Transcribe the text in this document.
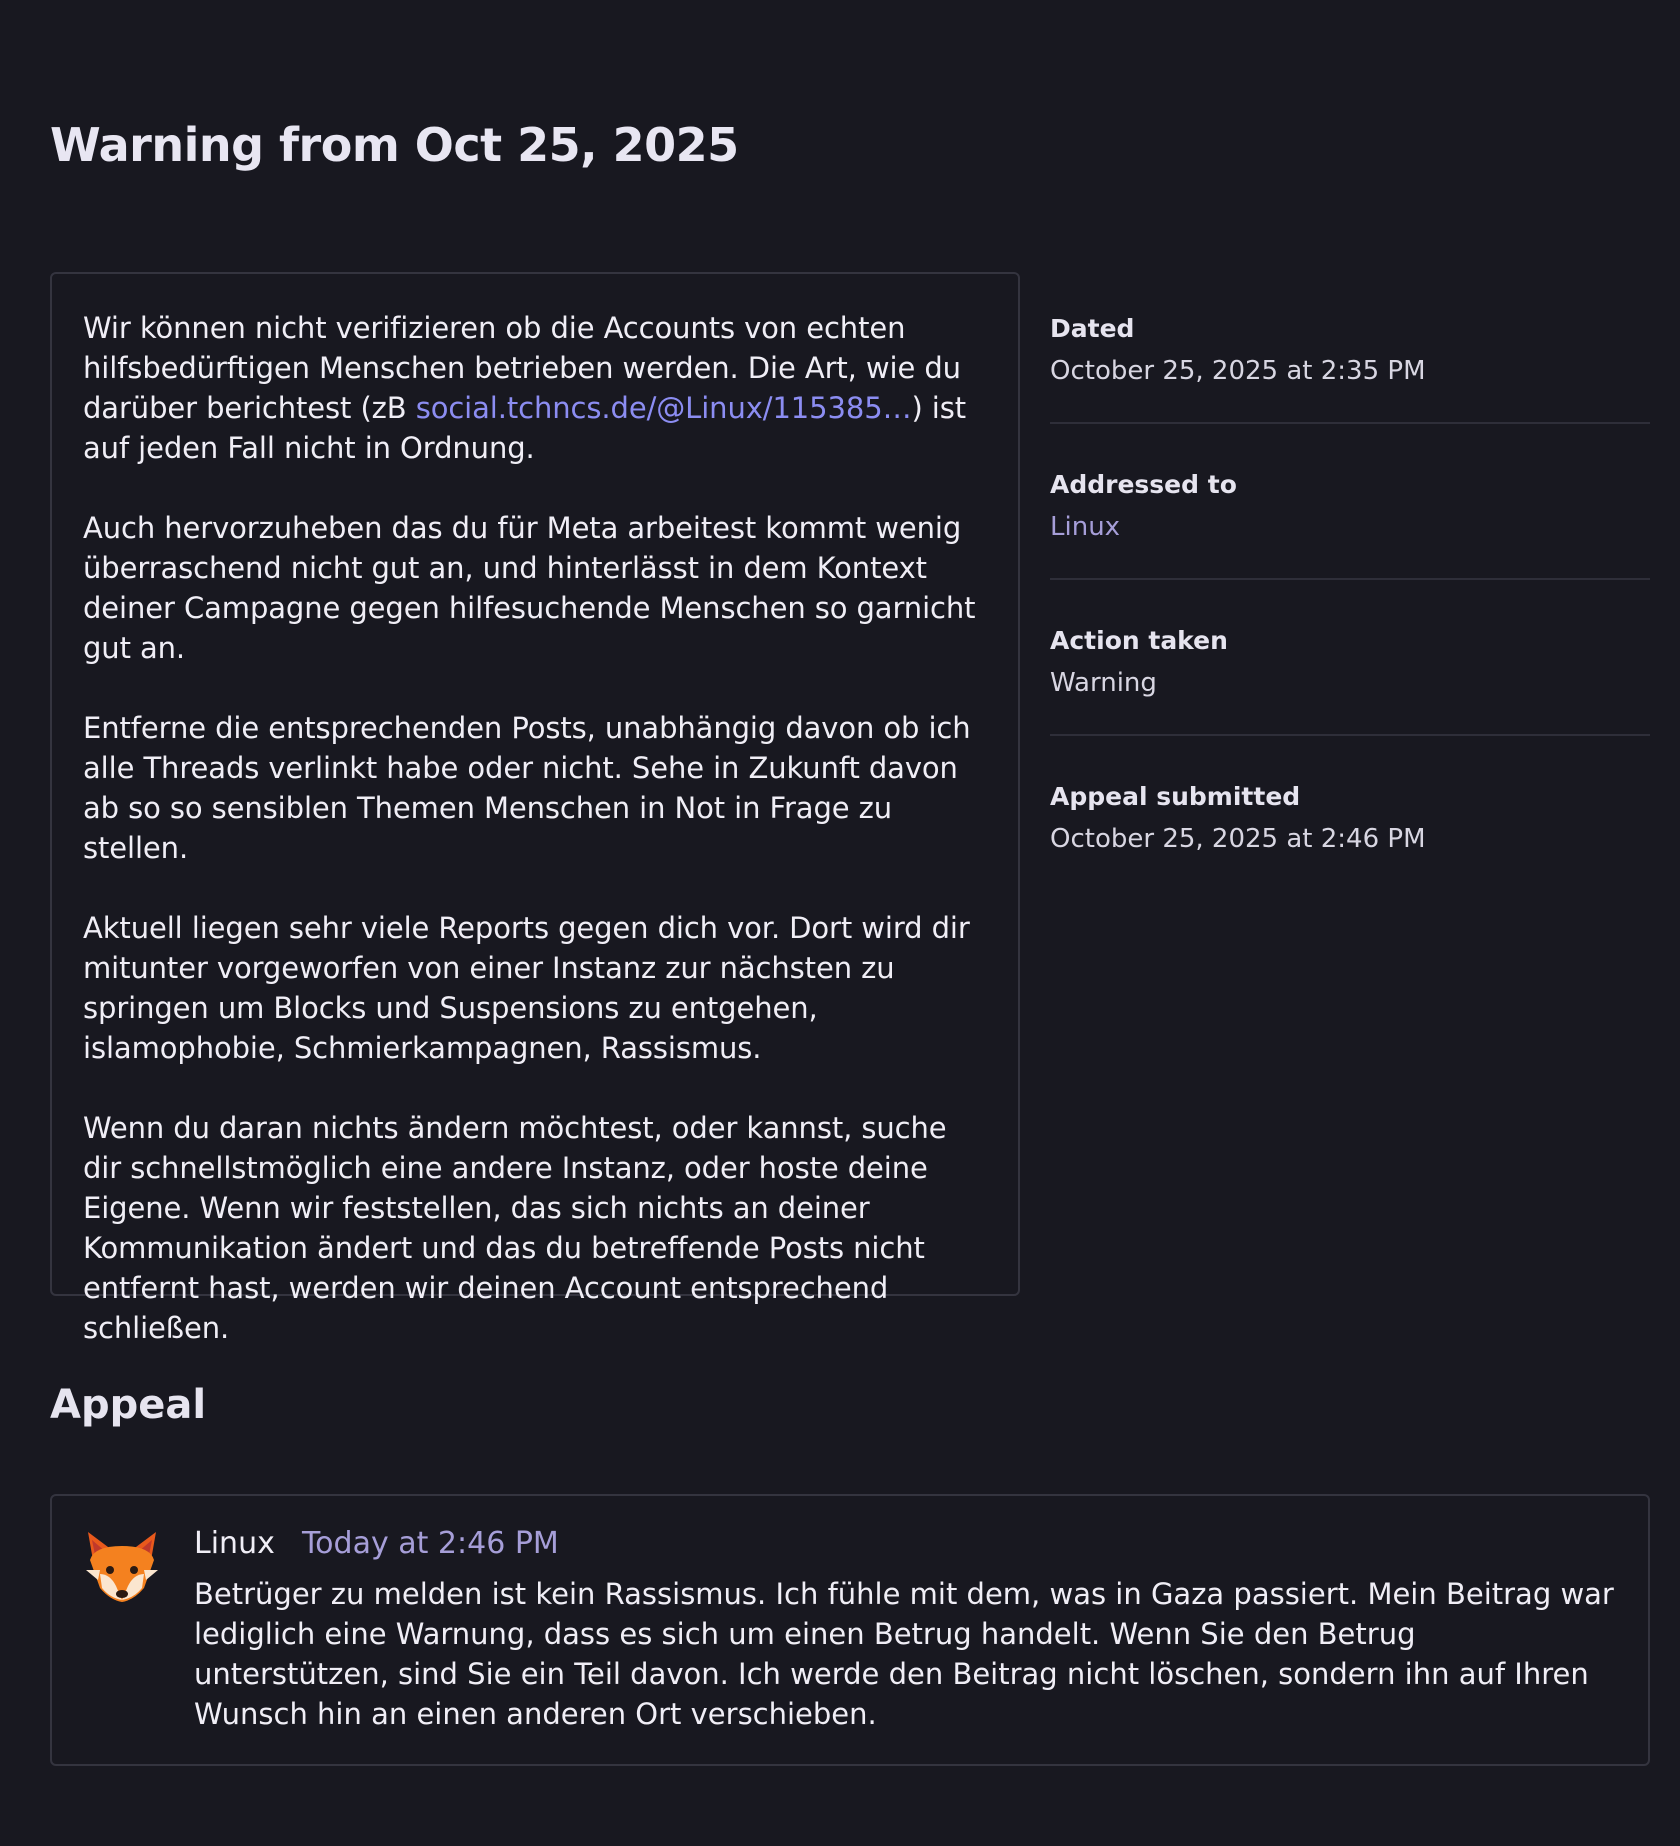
Warning from Oct 25, 2025

Wir können nicht verifizieren ob die Accounts von echten hilfsbedürftigen Menschen betrieben werden. Die Art, wie du darüber berichtest (zB social.tchncs.de/@Linux/115385…) ist auf jeden Fall nicht in Ordnung.

Auch hervorzuheben das du für Meta arbeitest kommt wenig überraschend nicht gut an, und hinterlässt in dem Kontext deiner Campagne gegen hilfesuchende Menschen so garnicht gut an.

Entferne die entsprechenden Posts, unabhängig davon ob ich alle Threads verlinkt habe oder nicht. Sehe in Zukunft davon ab so so sensiblen Themen Menschen in Not in Frage zu stellen.

Aktuell liegen sehr viele Reports gegen dich vor. Dort wird dir mitunter vorgeworfen von einer Instanz zur nächsten zu springen um Blocks und Suspensions zu entgehen, islamophobie, Schmierkampagnen, Rassismus.

Wenn du daran nichts ändern möchtest, oder kannst, suche dir schnellstmöglich eine andere Instanz, oder hoste deine Eigene. Wenn wir feststellen, das sich nichts an deiner Kommunikation ändert und das du betreffende Posts nicht entfernt hast, werden wir deinen Account entsprechend schließen.

Dated
October 25, 2025 at 2:35 PM
Addressed to
Linux
Action taken
Warning
Appeal submitted
October 25, 2025 at 2:46 PM
Appeal
Linux Today at 2:46 PM
Betrüger zu melden ist kein Rassismus. Ich fühle mit dem, was in Gaza passiert. Mein Beitrag war lediglich eine Warnung, dass es sich um einen Betrug handelt. Wenn Sie den Betrug unterstützen, sind Sie ein Teil davon. Ich werde den Beitrag nicht löschen, sondern ihn auf Ihren Wunsch hin an einen anderen Ort verschieben.
